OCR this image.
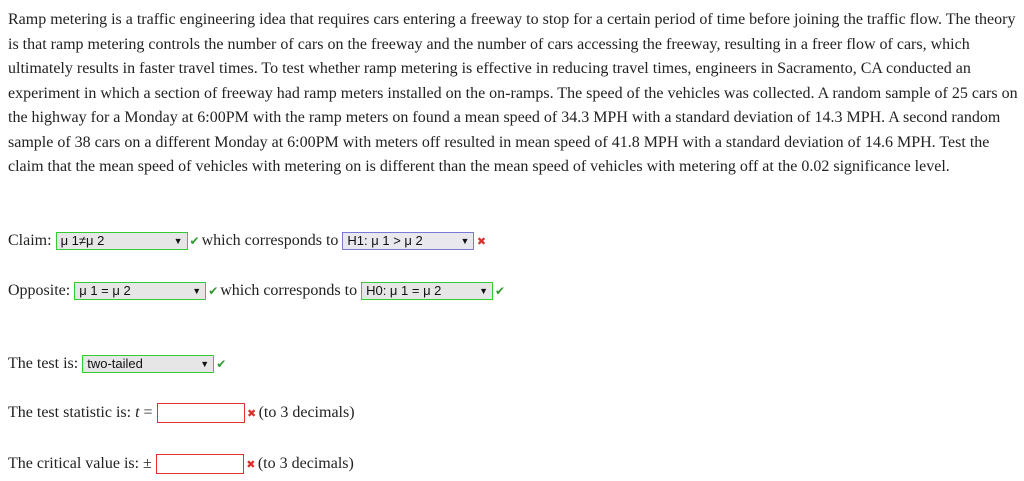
Ramp metering is a traffic engineering idea that requires cars entering a freeway to stop for a certain period of time before joining the traffic flow. The theory is that ramp metering controls the number of cars on the freeway and the number of cars accessing the freeway, resulting in a freer flow of cars, which ultimately results in faster travel times. To test whether ramp metering is effective in reducing travel times, engineers in Sacramento, CA conducted an experiment in which a section of freeway had ramp meters installed on the on-ramps. The speed of the vehicles was collected. A random sample of 25 cars on the highway for a Monday at 6:00PM with the ramp meters on found a mean speed of 34.3 MPH with a standard deviation of 14.3 MPH. A second random sample of 38 cars on a different Monday at 6:00PM with meters off resulted in mean speed of 41.8 MPH with a standard deviation of 14.6 MPH. Test the claim that the mean speed of vehicles with metering on is different than the mean speed of vehicles with metering off at the 0.02 significance level.

Claim: μ 1≠μ 2	▼ ✔ which corresponds to H1: μ 1 > μ 2	▼ ✖
Opposite: μ 1 = μ 2	▼ ✔ which corresponds to H0: μ 1 = μ 2	▼ ✔
The test is: two-tailed	▼ ✔
The test statistic is: t =	✖ (to 3 decimals)
The critical value is: ±	✖ (to 3 decimals)
